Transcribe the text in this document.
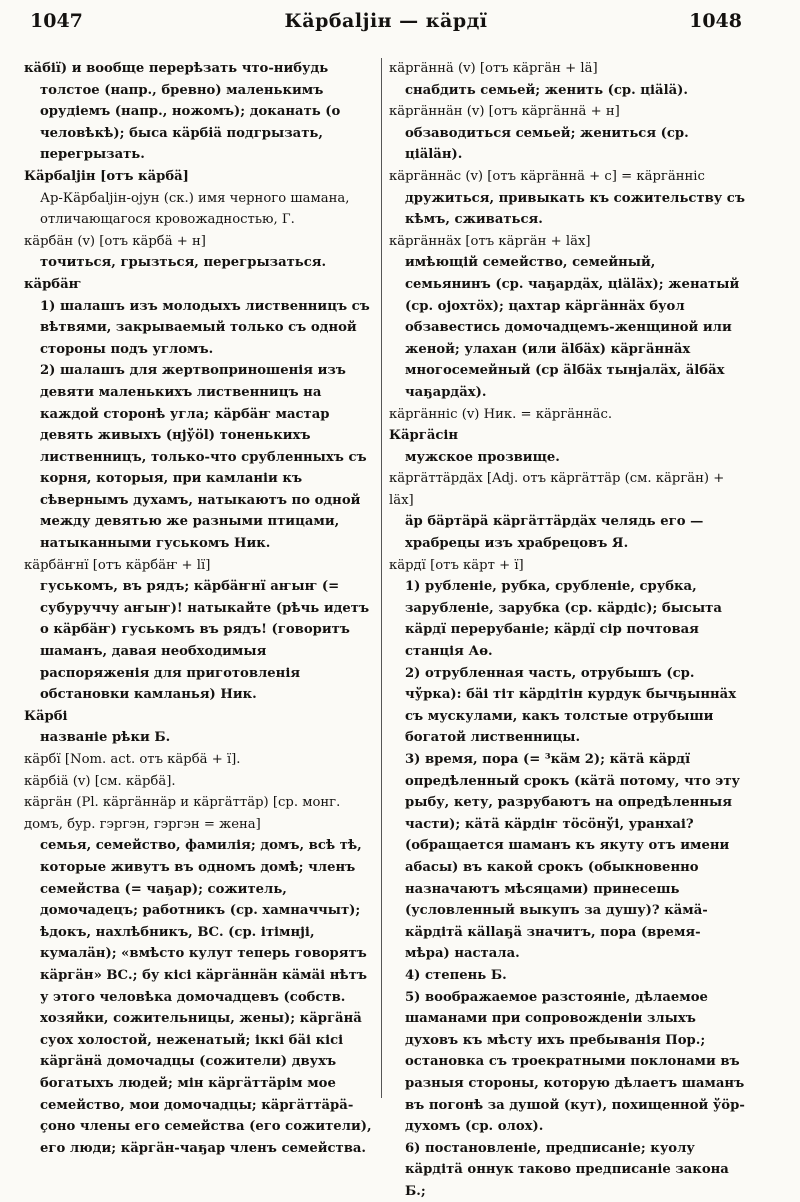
Кäрбаljiн — кäрдï
1047	1048

кäбії) и вообще перерѣзать что-нибудь толстое (напр., бревно) маленькимъ орудіемъ (напр., ножомъ); доканать (о человѣкѣ); быса кäрбiä подгрызать, перегрызать.

Кäрбаljiн [отъ кäрбä]

Ар-Кäрбаljiн-ојун (ск.) имя черного шамана, отличающагося кровожадностью, Г.

кäрбäн (v) [отъ кäрбä + н]

точиться, грызться, перегрызаться.

кäрбäҥ

1) шалашъ изъ молодыхъ лиственницъ съ вѣтвями, закрываемый только съ одной стороны подъ угломъ.

2) шалашъ для жертвоприношенія изъ девяти маленькихъ лиственницъ на каждой сторонѣ угла; кäрбäҥ мастар девять живыхъ (нјўöl) тоненькихъ лиственницъ, только-что срубленныхъ съ корня, которыя, при камланіи къ сѣвернымъ духамъ, натыкаютъ по одной между девятью же разными птицами, натыканными гуськомъ Ник.

кäрбäҥнï [отъ кäрбäҥ + lï]

гуськомъ, въ рядъ; кäрбäҥнï аҥыҥ (= субуруччу аҥыҥ)! натыкайте (рѣчь идетъ о кäрбäҥ) гуськомъ въ рядъ! (говоритъ шаманъ, давая необходимыя распоряженія для приготовленія обстановки камланья) Ник.

Кäрбі

названіе рѣки Б.

кäрбï [Nom. act. отъ кäрбä + ï].

кäрбiä (v) [см. кäрбä].

кäргäн (Pl. кäргäннäр и кäргäттäр) [ср. монг. домъ, бур. гэргэн, гэргэн = жена]

семья, семейство, фамилія; домъ, всѣ тѣ, которые живутъ въ одномъ домѣ; членъ семейства (= чаҕар); сожитель, домочадецъ; работникъ (ср. хамначчыт); ѣдокъ, нахлѣбникъ, ВС. (ср. ітімнјі, кумалäн); «вмѣсто кулут теперь говорятъ кäргäн» ВС.; бу кісі кäргäннäн кäмäі нѣтъ у этого человѣка домочадцевъ (собств. хозяйки, сожительницы, жены); кäргäнä суох холостой, неженатый; іккі бäі кісі кäргäнä домочадцы (сожители) двухъ богатыхъ людей; мін кäргäттäрім мое семейство, мои домочадцы; кäргäттäрä-ҫоно члены его семейства (его сожители), его люди; кäргäн-чаҕар членъ семейства.

кäргäннä (v) [отъ кäргäн + lä]

снабдить семьей; женить (ср. ціälä).

кäргäннäн (v) [отъ кäргäннä + н]

обзаводиться семьей; жениться (ср. ціäläн).

кäргäннäс (v) [отъ кäргäннä + с] = кäргäнніс

дружиться, привыкать къ сожительству съ кѣмъ, сживаться.

кäргäннäх [отъ кäргäн + läх]

имѣющій семейство, семейный, семьянинъ (ср. чаҕардäх, ціäläх); женатый (ср. ојохтöх); цахтар кäргäннäх буол обзавестись домочадцемъ-женщиной или женой; улахан (или älбäх) кäргäннäх многосемейный (ср älбäх тынjалäх, älбäх чаҕардäх).

кäргäнніс (v) Ник. = кäргäннäс.

Кäргäсін

мужское прозвище.

кäргäттäрдäх [Adj. отъ кäргäттäр (см. кäргäн) + läх]

äр бäртäрä кäргäттäрдäх челядь его — храбрецы изъ храбрецовъ Я.

кäрдï [отъ кäрт + ï]

1) рубленіе, рубка, срубленіе, срубка, зарубленіе, зарубка (ср. кäрдіс); бысыта кäрдï перерубаніе; кäрдï сір почтовая станція Аө.

2) отрубленная часть, отрубышъ (ср. чўрка): бäі тіт кäрдітін курдук бычҕыннäх съ мускулами, какъ толстые отрубыши богатой лиственницы.

3) время, пора (= ³кäм 2); кäтä кäрдï опредѣленный срокъ (кäтä потому, что эту рыбу, кету, разрубаютъ на опредѣленныя части); кäтä кäрдіҥ тöсöнўі, уранхаі? (обращается шаманъ къ якуту отъ имени абасы) въ какой срокъ (обыкновенно назначаютъ мѣсяцами) принесешь (условленный выкупъ за душу)? кäмä-кäрдітä кällаҕä значитъ, пора (время-мѣра) настала.

4) степень Б.

5) воображаемое разстояніе, дѣлаемое шаманами при сопровожденіи злыхъ духовъ къ мѣсту ихъ пребыванія Пор.; остановка съ троекратными поклонами въ разныя стороны, которую дѣлаетъ шаманъ въ погонѣ за душой (кут), похищенной ўöр-духомъ (ср. олох).

6) постановленіе, предписаніе; куолу кäрдітä оннук таково предписаніе закона Б.;
